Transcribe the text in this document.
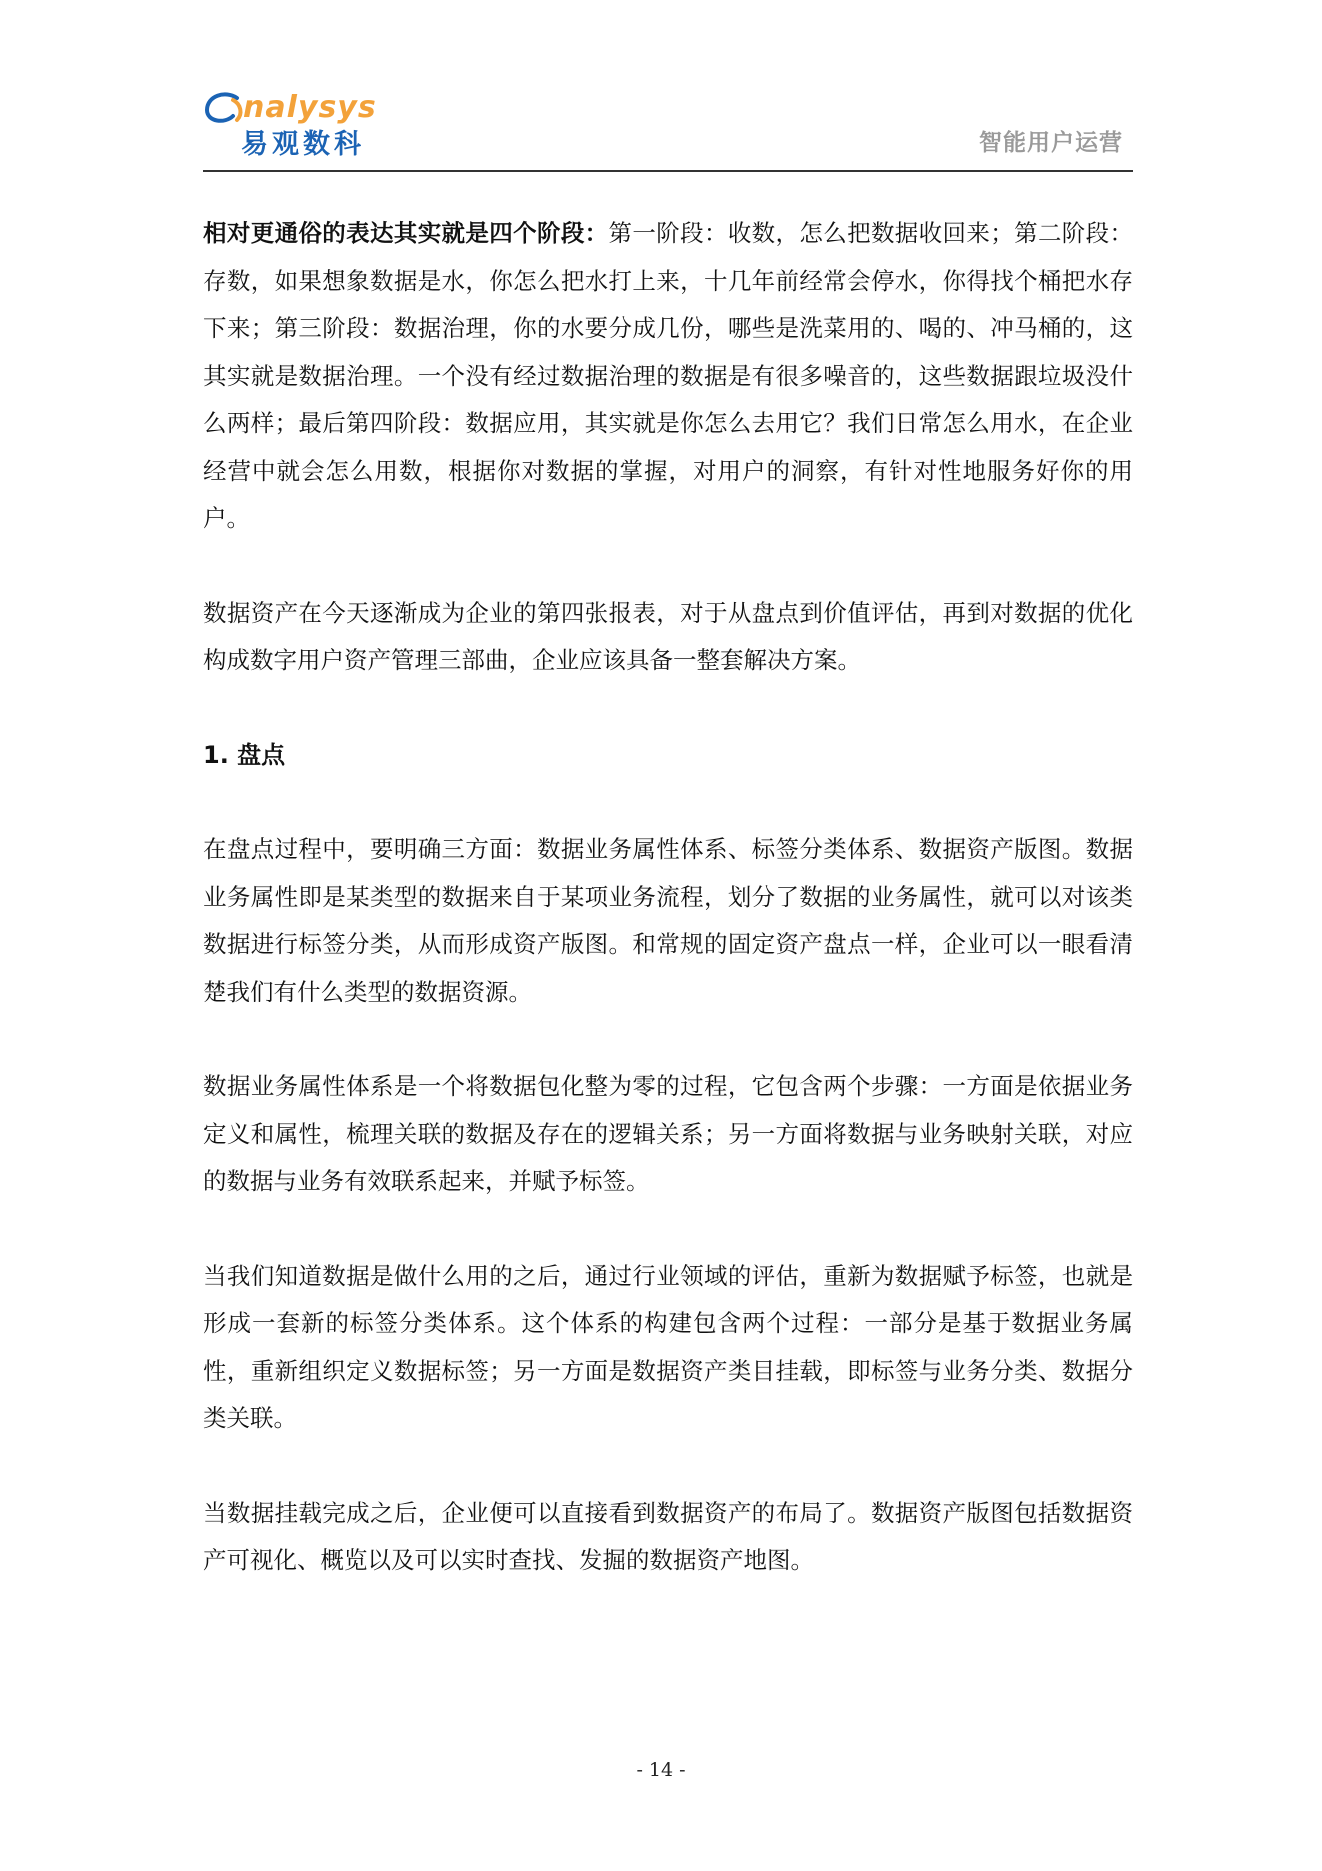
nalysys
易观数科	智能用户运营

相对更通俗的表达其实就是四个阶段：第一阶段：收数，怎么把数据收回来；第二阶段：存数，如果想象数据是水，你怎么把水打上来，十几年前经常会停水，你得找个桶把水存下来；第三阶段：数据治理，你的水要分成几份，哪些是洗菜用的、喝的、冲马桶的，这其实就是数据治理。一个没有经过数据治理的数据是有很多噪音的，这些数据跟垃圾没什么两样；最后第四阶段：数据应用，其实就是你怎么去用它？我们日常怎么用水，在企业经营中就会怎么用数，根据你对数据的掌握，对用户的洞察，有针对性地服务好你的用户。

数据资产在今天逐渐成为企业的第四张报表，对于从盘点到价值评估，再到对数据的优化构成数字用户资产管理三部曲，企业应该具备一整套解决方案。

1. 盘点

在盘点过程中，要明确三方面：数据业务属性体系、标签分类体系、数据资产版图。数据业务属性即是某类型的数据来自于某项业务流程，划分了数据的业务属性，就可以对该类数据进行标签分类，从而形成资产版图。和常规的固定资产盘点一样，企业可以一眼看清楚我们有什么类型的数据资源。

数据业务属性体系是一个将数据包化整为零的过程，它包含两个步骤：一方面是依据业务定义和属性，梳理关联的数据及存在的逻辑关系；另一方面将数据与业务映射关联，对应的数据与业务有效联系起来，并赋予标签。

当我们知道数据是做什么用的之后，通过行业领域的评估，重新为数据赋予标签，也就是形成一套新的标签分类体系。这个体系的构建包含两个过程：一部分是基于数据业务属性，重新组织定义数据标签；另一方面是数据资产类目挂载，即标签与业务分类、数据分类关联。

当数据挂载完成之后，企业便可以直接看到数据资产的布局了。数据资产版图包括数据资产可视化、概览以及可以实时查找、发掘的数据资产地图。

- 14 -
